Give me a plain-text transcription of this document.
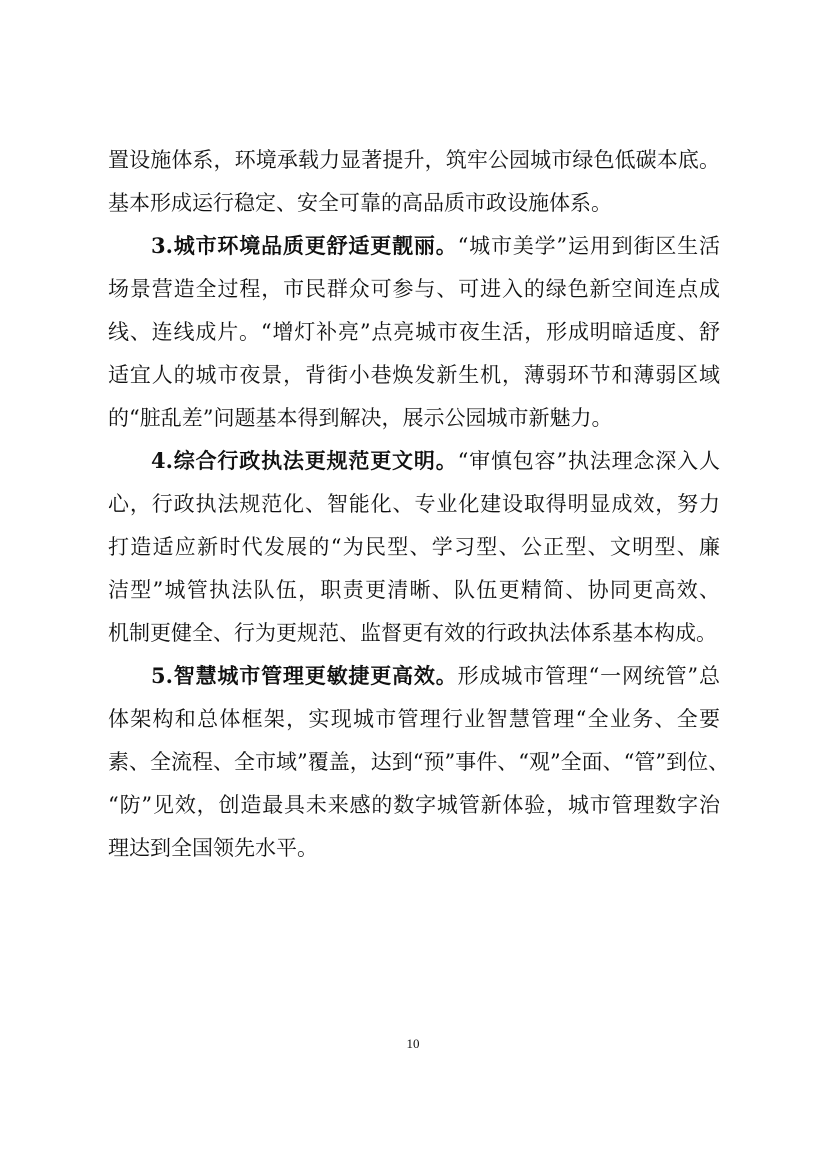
置设施体系，环境承载力显著提升，筑牢公园城市绿色低碳本底。
基本形成运行稳定、安全可靠的高品质市政设施体系。
3.城市环境品质更舒适更靓丽。“城市美学”运用到街区生活
场景营造全过程，市民群众可参与、可进入的绿色新空间连点成
线、连线成片。“增灯补亮”点亮城市夜生活，形成明暗适度、舒
适宜人的城市夜景，背街小巷焕发新生机，薄弱环节和薄弱区域
的“脏乱差”问题基本得到解决，展示公园城市新魅力。
4.综合行政执法更规范更文明。“审慎包容”执法理念深入人
心，行政执法规范化、智能化、专业化建设取得明显成效，努力
打造适应新时代发展的“为民型、学习型、公正型、文明型、廉
洁型”城管执法队伍，职责更清晰、队伍更精简、协同更高效、
机制更健全、行为更规范、监督更有效的行政执法体系基本构成。
5.智慧城市管理更敏捷更高效。形成城市管理“一网统管”总
体架构和总体框架，实现城市管理行业智慧管理“全业务、全要
素、全流程、全市域”覆盖，达到“预”事件、“观”全面、“管”到位、
“防”见效，创造最具未来感的数字城管新体验，城市管理数字治
理达到全国领先水平。
10
